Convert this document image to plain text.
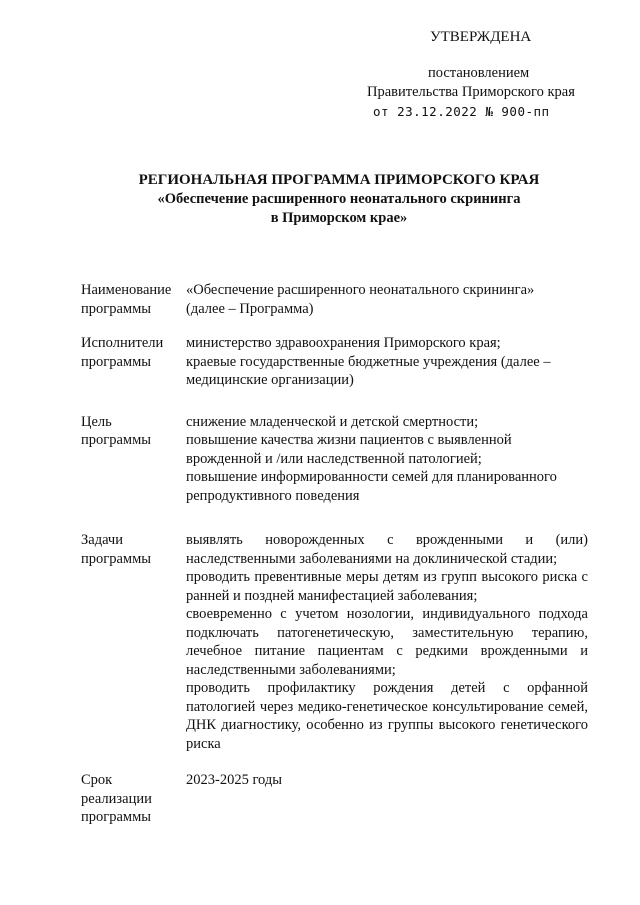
УТВЕРЖДЕНА
постановлением
Правительства Приморского края
от 23.12.2022 № 900-пп
РЕГИОНАЛЬНАЯ ПРОГРАММА ПРИМОРСКОГО КРАЯ
«Обеспечение расширенного неонатального скрининга
в Приморском крае»
Наименование
программы

«Обеспечение расширенного неонатального скрининга»

(далее – Программа)

Исполнители
программы

министерство здравоохранения Приморского края;

краевые государственные бюджетные учреждения (далее – медицинские организации)

Цель
программы

снижение младенческой и детской смертности;

повышение качества жизни пациентов с выявленной врожденной и /или наследственной патологией;

повышение информированности семей для планированного репродуктивного поведения

Задачи
программы

выявлять новорожденных с врожденными и (или) наследственными заболеваниями на доклинической стадии;

проводить превентивные меры детям из групп высокого риска с ранней и поздней манифестацией заболевания;

своевременно с учетом нозологии, индивидуального подхода подключать патогенетическую, заместительную терапию, лечебное питание пациентам с редкими врожденными и наследственными заболеваниями;

проводить профилактику рождения детей с орфанной патологией через медико-генетическое консультирование семей, ДНК диагностику, особенно из группы высокого генетического риска

Срок
реализации
программы

2023-2025 годы
